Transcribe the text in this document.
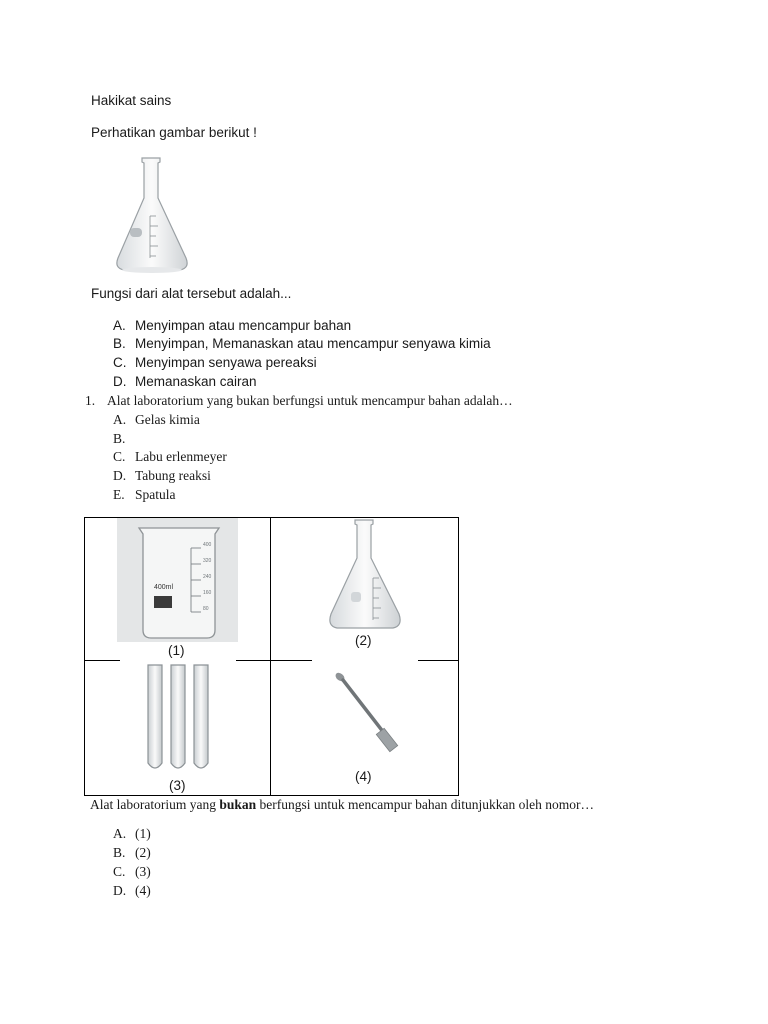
Hakikat sains
Perhatikan gambar berikut !
Fungsi dari alat tersebut adalah...
A. Menyimpan atau mencampur bahan
B. Menyimpan, Memanaskan atau mencampur senyawa kimia
C. Menyimpan senyawa pereaksi
D. Memanaskan cairan
1. Alat laboratorium yang bukan berfungsi untuk mencampur bahan adalah…
A. Gelas kimia
B.
C. Labu erlenmeyer
D. Tabung reaksi
E. Spatula
400
320
240
160
80
400ml
(1)
(2)
(3)
(4)
Alat laboratorium yang bukan berfungsi untuk mencampur bahan ditunjukkan oleh nomor…
A. (1)
B. (2)
C. (3)
D. (4)
